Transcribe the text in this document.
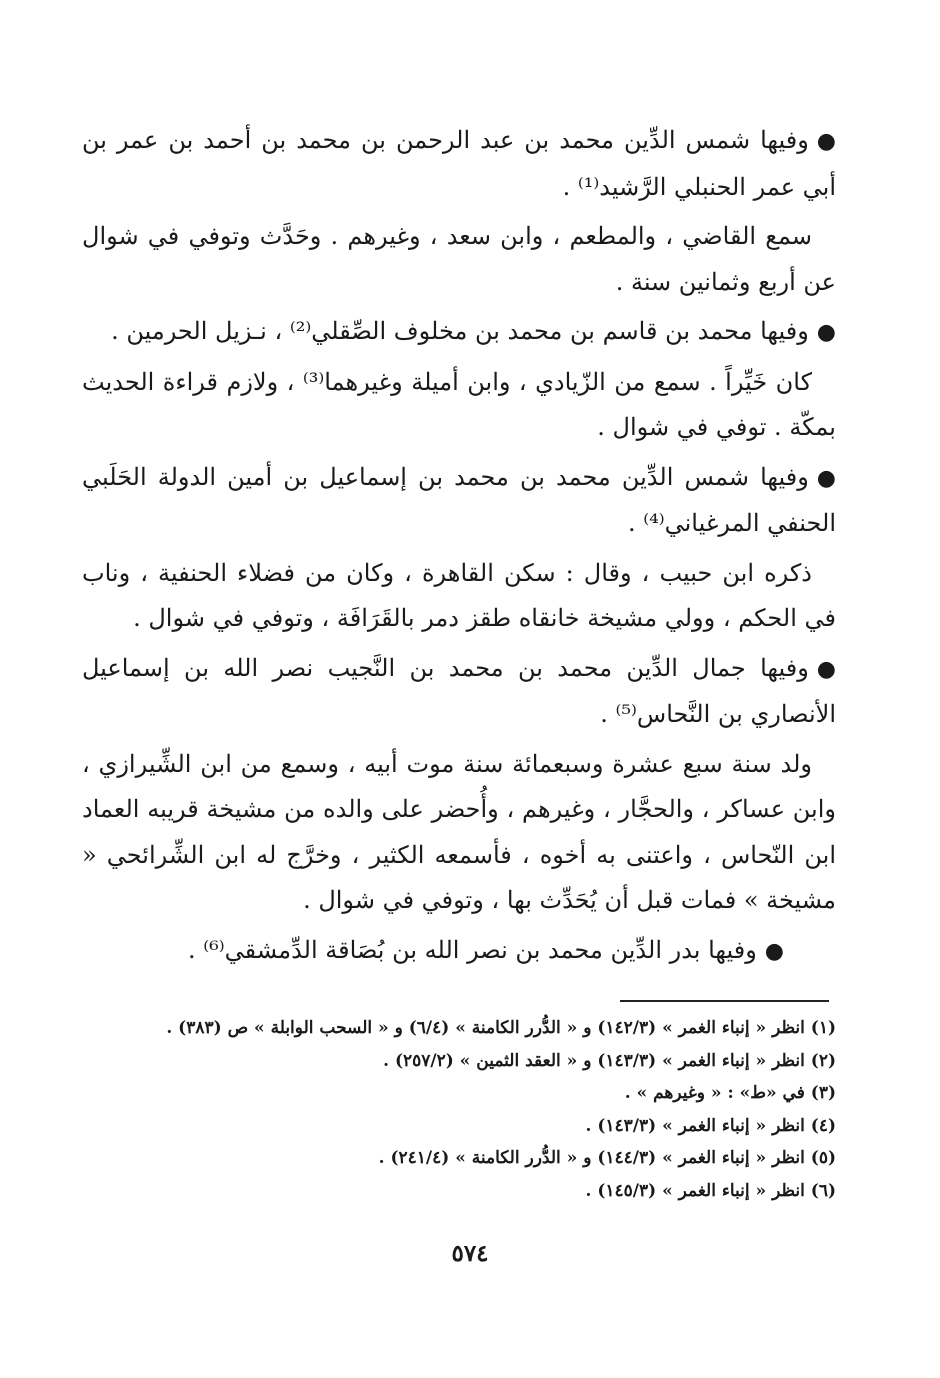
●وفيها شمس الدِّين محمد بن عبد الرحمن بن محمد بن أحمد بن عمر بن أبي عمر الحنبلي الرَّشيد⁽¹⁾ .

سمع القاضي ، والمطعم ، وابن سعد ، وغيرهم . وحَدَّث وتوفي في شوال عن أربع وثمانين سنة .

●وفيها محمد بن قاسم بن محمد بن مخلوف الصِّقلي⁽²⁾ ، نـزيل الحرمين .

كان خَيِّراً . سمع من الزّيادي ، وابن أميلة وغيرهما⁽³⁾ ، ولازم قراءة الحديث بمكّة . توفي في شوال .

●وفيها شمس الدِّين محمد بن محمد بن إسماعيل بن أمين الدولة الحَلَبي الحنفي المرغياني⁽⁴⁾ .

ذكره ابن حبيب ، وقال : سكن القاهرة ، وكان من فضلاء الحنفية ، وناب في الحكم ، وولي مشيخة خانقاه طقز دمر بالقَرَافَة ، وتوفي في شوال .

●وفيها جمال الدِّين محمد بن محمد بن النَّجيب نصر الله بن إسماعيل الأنصاري بن النَّحاس⁽⁵⁾ .

ولد سنة سبع عشرة وسبعمائة سنة موت أبيه ، وسمع من ابن الشِّيرازي ، وابن عساكر ، والحجَّار ، وغيرهم ، وأُحضر على والده من مشيخة قريبه العماد ابن النّحاس ، واعتنى به أخوه ، فأسمعه الكثير ، وخرَّج له ابن الشِّرائحي « مشيخة » فمات قبل أن يُحَدِّث بها ، وتوفي في شوال .

●وفيها بدر الدِّين محمد بن نصر الله بن بُصَاقة الدِّمشقي⁽⁶⁾ .

(١) انظر « إنباء الغمر » (١٤٢/٣) و « الدُّرر الكامنة » (٦/٤) و « السحب الوابلة » ص (٣٨٣) .

(٢) انظر « إنباء الغمر » (١٤٣/٣) و « العقد الثمين » (٢٥٧/٢) .

(٣) في «ط» : « وغيرهم » .

(٤) انظر « إنباء الغمر » (١٤٣/٣) .

(٥) انظر « إنباء الغمر » (١٤٤/٣) و « الدُّرر الكامنة » (٢٤١/٤) .

(٦) انظر « إنباء الغمر » (١٤٥/٣) .

٥٧٤
